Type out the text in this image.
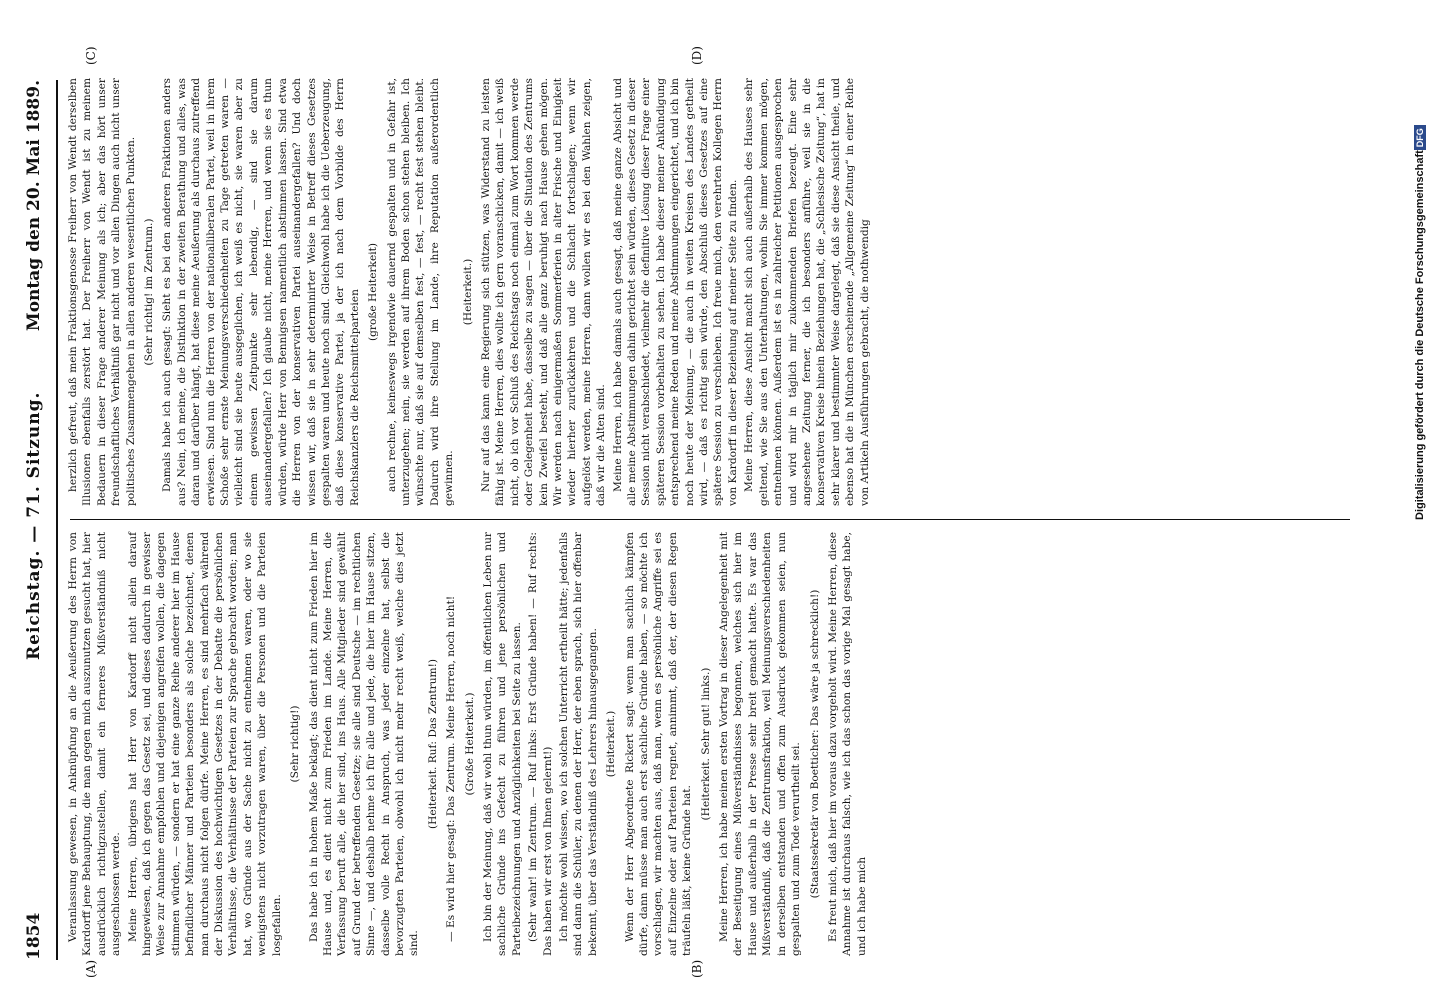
1854
Reichstag. — 71. Sitzung.
Montag den 20. Mai 1889.
(A)	(B)
(C)	(D)

Veranlassung gewesen, in Anknüpfung an die Aeußerung des Herrn von Kardorff jene Behauptung, die man gegen mich auszunutzen gesucht hat, hier ausdrücklich richtigzustellen, damit ein ferneres Mißverständniß nicht ausgeschlossen werde. Meine Herren, übrigens hat Herr von Kardorff nicht allein darauf hingewiesen, daß ich gegen das Gesetz sei, und dieses dadurch in gewisser Weise zur Annahme empfohlen und diejenigen angreifen wollen, die dagegen stimmen würden, — sondern er hat eine ganze Reihe anderer hier im Hause befindlicher Männer und Parteien besonders als solche bezeichnet, denen man durchaus nicht folgen dürfe. Meine Herren, es sind mehrfach während der Diskussion des hochwichtigen Gesetzes in der Debatte die persönlichen Verhältnisse, die Verhältnisse der Parteien zur Sprache gebracht worden; man hat, wo Gründe aus der Sache nicht zu entnehmen waren, oder wo sie wenigstens nicht vorzutragen waren, über die Personen und die Parteien losgefallen.

(Sehr richtig!) Das habe ich in hohem Maße beklagt; das dient nicht zum Frieden hier im Hause und, es dient nicht zum Frieden im Lande. Meine Herren, die Verfassung beruft alle, die hier sind, ins Haus. Alle Mitglieder sind gewählt auf Grund der betreffenden Gesetze; sie alle sind Deutsche — im rechtlichen Sinne —, und deshalb nehme ich für alle und jede, die hier im Hause sitzen, dasselbe volle Recht in Anspruch, was jeder einzelne hat, selbst die bevorzugten Parteien, obwohl ich nicht mehr recht weiß, welche dies jetzt sind.

(Heiterkeit. Ruf: Das Zentrum!) — Es wird hier gesagt: Das Zentrum. Meine Herren, noch nicht! (Große Heiterkeit.) Ich bin der Meinung, daß wir wohl thun würden, im öffentlichen Leben nur sachliche Gründe ins Gefecht zu führen und jene persönlichen und Parteibezeichnungen und Anzüglichkeiten bei Seite zu lassen. (Sehr wahr! im Zentrum. — Ruf links: Erst Gründe haben! — Ruf rechts: Das haben wir erst von Ihnen gelernt!) Ich möchte wohl wissen, wo ich solchen Unterricht ertheilt hätte; jedenfalls sind dann die Schüler, zu denen der Herr, der eben sprach, sich hier offenbar bekennt, über das Verständniß des Lehrers hinausgegangen. (Heiterkeit.) Wenn der Herr Abgeordnete Rickert sagt: wenn man sachlich kämpfen dürfe, dann müsse man auch erst sachliche Gründe haben, — so möchte ich vorschlagen, wir machten aus, daß man, wenn es persönliche Angriffe sei es auf Einzelne oder auf Parteien regnet, annimmt, daß der, der diesen Regen träufeln läßt, keine Gründe hat.

(Heiterkeit. Sehr gut! links.) Meine Herren, ich habe meinen ersten Vortrag in dieser Angelegenheit mit der Beseitigung eines Mißverständnisses begonnen, welches sich hier im Hause und außerhalb in der Presse sehr breit gemacht hatte. Es war das Mißverständniß, daß die Zentrumsfraktion, weil Meinungsverschiedenheiten in derselben entstanden und offen zum Ausdruck gekommen seien, nun gespalten und zum Tode verurtheilt sei. (Staatssekretär von Boetticher: Das wäre ja schrecklich!) Es freut mich, daß hier im voraus dazu vorgeholt wird. Meine Herren, diese Annahme ist durchaus falsch, wie ich das schon das vorige Mal gesagt habe, und ich habe mich

herzlich gefreut, daß mein Fraktionsgenosse Freiherr von Wendt derselben Illusionen ebenfalls zerstört hat. Der Freiherr von Wendt ist zu meinem Bedauern in dieser Frage anderer Meinung als ich; aber das hört unser freundschaftliches Verhältniß gar nicht und vor allen Dingen auch nicht unser politisches Zusammengehen in allen anderen wesentlichen Punkten. (Sehr richtig! im Zentrum.) Damals habe ich auch gesagt: Sieht es bei den anderen Fraktionen anders aus? Nein, ich meine, die Distinktion in der zweiten Berathung und alles, was daran und darüber hängt, hat diese meine Aeußerung als durchaus zutreffend erwiesen. Sind nun die Herren von der nationalliberalen Partei, weil in ihrem Schoße sehr ernste Meinungsverschiedenheiten zu Tage getreten waren — vielleicht sind sie heute ausgeglichen, ich weiß es nicht, sie waren aber zu einem gewissen Zeitpunkte sehr lebendig, — sind sie darum auseinandergefallen? Ich glaube nicht, meine Herren, und wenn sie es thun würden, würde Herr von Bennigsen namentlich abstimmen lassen. Sind etwa die Herren von der konservativen Partei auseinandergefallen? Und doch wissen wir, daß sie in sehr determinirter Weise in Betreff dieses Gesetzes gespalten waren und heute noch sind. Gleichwohl habe ich die Ueberzeugung, daß diese konservative Partei, ja der ich nach dem Vorbilde des Herrn Reichskanzlers die Reichsmittelparteien (große Heiterkeit) auch rechne, keineswegs irgendwie dauernd gespalten und in Gefahr ist, unterzugehen; nein, sie werden auf ihrem Boden schon stehen bleiben. Ich wünschte nur, daß sie auf demselben fest, — fest, — recht fest stehen bleibt. Dadurch wird ihre Stellung im Lande, ihre Reputation außerordentlich gewinnen.

(Heiterkeit.) Nur auf das kann eine Regierung sich stützen, was Widerstand zu leisten fähig ist. Meine Herren, dies wollte ich gern voranschicken, damit — ich weiß nicht, ob ich vor Schluß des Reichstags noch einmal zum Wort kommen werde oder Gelegenheit habe, dasselbe zu sagen — über die Situation des Zentrums kein Zweifel besteht, und daß alle ganz beruhigt nach Hause gehen mögen. Wir werden nach einigermaßen Sommerferien in alter Frische und Einigkeit wieder hierher zurückkehren und die Schlacht fortschlagen; wenn wir aufgelöst werden, meine Herren, dann wollen wir es bei den Wahlen zeigen, daß wir die Alten sind. Meine Herren, ich habe damals auch gesagt, daß meine ganze Absicht und alle meine Abstimmungen dahin gerichtet sein würden, dieses Gesetz in dieser Session nicht verabschiedet, vielmehr die definitive Lösung dieser Frage einer späteren Session vorbehalten zu sehen. Ich habe dieser meiner Ankündigung entsprechend meine Reden und meine Abstimmungen eingerichtet, und ich bin noch heute der Meinung, — die auch in weiten Kreisen des Landes getheilt wird, — daß es richtig sein würde, den Abschluß dieses Gesetzes auf eine spätere Session zu verschieben. Ich freue mich, den verehrten Kollegen Herrn von Kardorff in dieser Beziehung auf meiner Seite zu finden. Meine Herren, diese Ansicht macht sich auch außerhalb des Hauses sehr geltend, wie Sie aus den Unterhaltungen, wohin Sie immer kommen mögen, entnehmen können. Außerdem ist es in zahlreicher Petitionen ausgesprochen und wird mir in täglich mir zukommenden Briefen bezeugt. Eine sehr angesehene Zeitung ferner, die ich besonders anführe, weil sie in die konservativen Kreise hinein Beziehungen hat, die „Schlesische Zeitung“, hat in sehr klarer und bestimmter Weise dargelegt, daß sie diese Ansicht theile, und ebenso hat die in München erscheinende „Allgemeine Zeitung“ in einer Reihe von Artikeln Ausführungen gebracht, die nothwendig	Digitalisierung gefördert durch die Deutsche Forschungsgemeinschaft
DFG
